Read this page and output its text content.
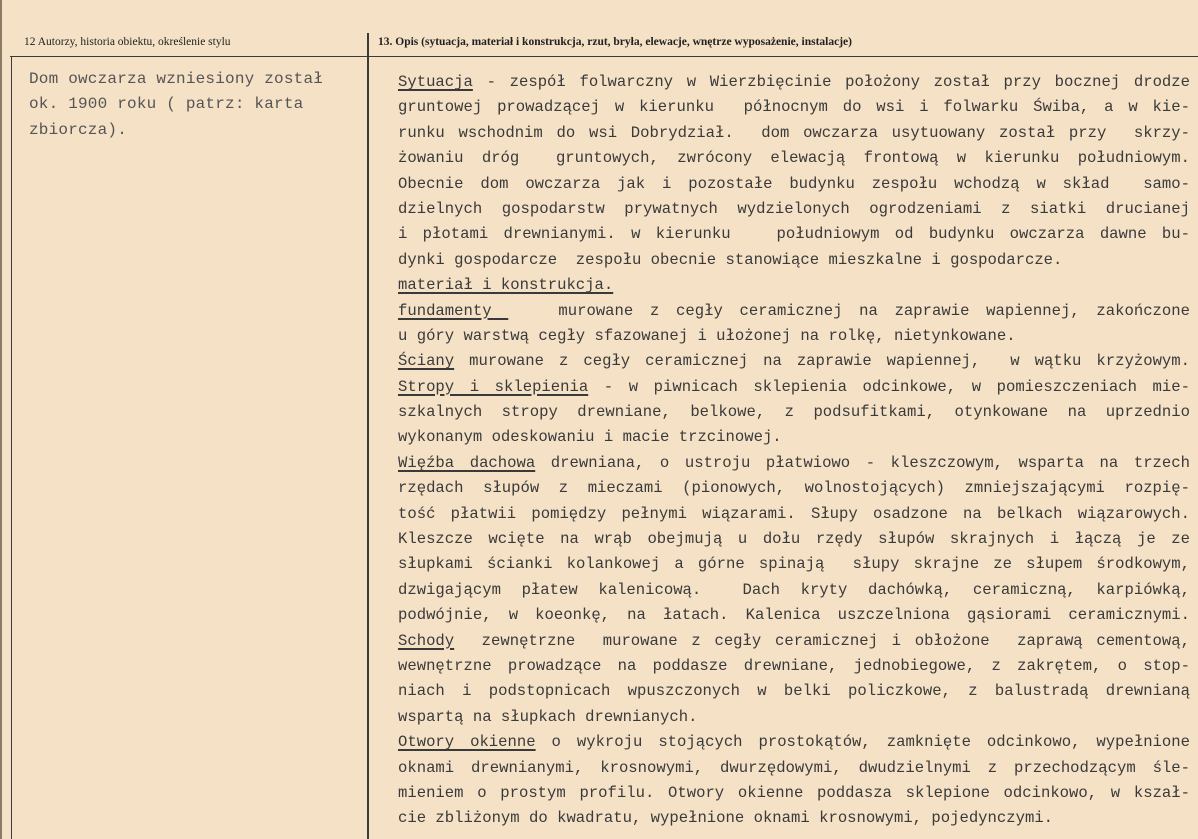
12 Autorzy, historia obiektu, określenie stylu	13. Opis (sytuacja, materiał i konstrukcja, rzut, bryła, elewacje, wnętrze wyposażenie, instalacje)
Dom owczarza wzniesiony został
ok. 1900 roku ( patrz: karta
zbiorcza).
Sytuacja - zespół folwarczny w Wierzbięcinie położony został przy bocznej drodze
gruntowej prowadzącej w kierunku  północnym do wsi i folwarku Świba, a w kie-
runku wschodnim do wsi Dobrydział.  dom owczarza usytuowany został przy  skrzy-
żowaniu dróg  gruntowych, zwrócony elewacją frontową w kierunku południowym.
Obecnie dom owczarza jak i pozostałe budynku zespołu wchodzą w skład  samo-
dzielnych gospodarstw prywatnych wydzielonych ogrodzeniami z siatki drucianej
i płotami drewnianymi. w kierunku   południowym od budynku owczarza dawne bu-
dynki gospodarcze  zespołu obecnie stanowiące mieszkalne i gospodarcze.
materiał i konstrukcja.
fundamenty    murowane z cegły ceramicznej na zaprawie wapiennej, zakończone
u góry warstwą cegły sfazowanej i ułożonej na rolkę, nietynkowane.
Ściany murowane z cegły ceramicznej na zaprawie wapiennej,  w wątku krzyżowym.
Stropy i sklepienia - w piwnicach sklepienia odcinkowe, w pomieszczeniach mie-
szkalnych stropy drewniane, belkowe, z podsufitkami, otynkowane na uprzednio
wykonanym odeskowaniu i macie trzcinowej.
Więźba dachowa drewniana, o ustroju płatwiowo - kleszczowym, wsparta na trzech
rzędach słupów z mieczami (pionowych, wolnostojących) zmniejszającymi rozpię-
tość płatwii pomiędzy pełnymi wiązarami. Słupy osadzone na belkach wiązarowych.
Kleszcze wcięte na wrąb obejmują u dołu rzędy słupów skrajnych i łączą je ze
słupkami ścianki kolankowej a górne spinają  słupy skrajne ze słupem środkowym,
dzwigającym płatew kalenicową.  Dach kryty dachówką, ceramiczną, karpiówką,
podwójnie, w koeonkę, na łatach. Kalenica uszczelniona gąsiorami ceramicznymi.
Schody  zewnętrzne  murowane z cegły ceramicznej i obłożone  zaprawą cementową,
wewnętrzne prowadzące na poddasze drewniane, jednobiegowe, z zakrętem, o stop-
niach i podstopnicach wpuszczonych w belki policzkowe, z balustradą drewnianą
wspartą na słupkach drewnianych.
Otwory okienne o wykroju stojących prostokątów, zamknięte odcinkowo, wypełnione
oknami drewnianymi, krosnowymi, dwurzędowymi, dwudzielnymi z przechodzącym śle-
mieniem o prostym profilu. Otwory okienne poddasza sklepione odcinkowo, w kszał-
cie zbliżonym do kwadratu, wypełnione oknami krosnowymi, pojedynczymi.
